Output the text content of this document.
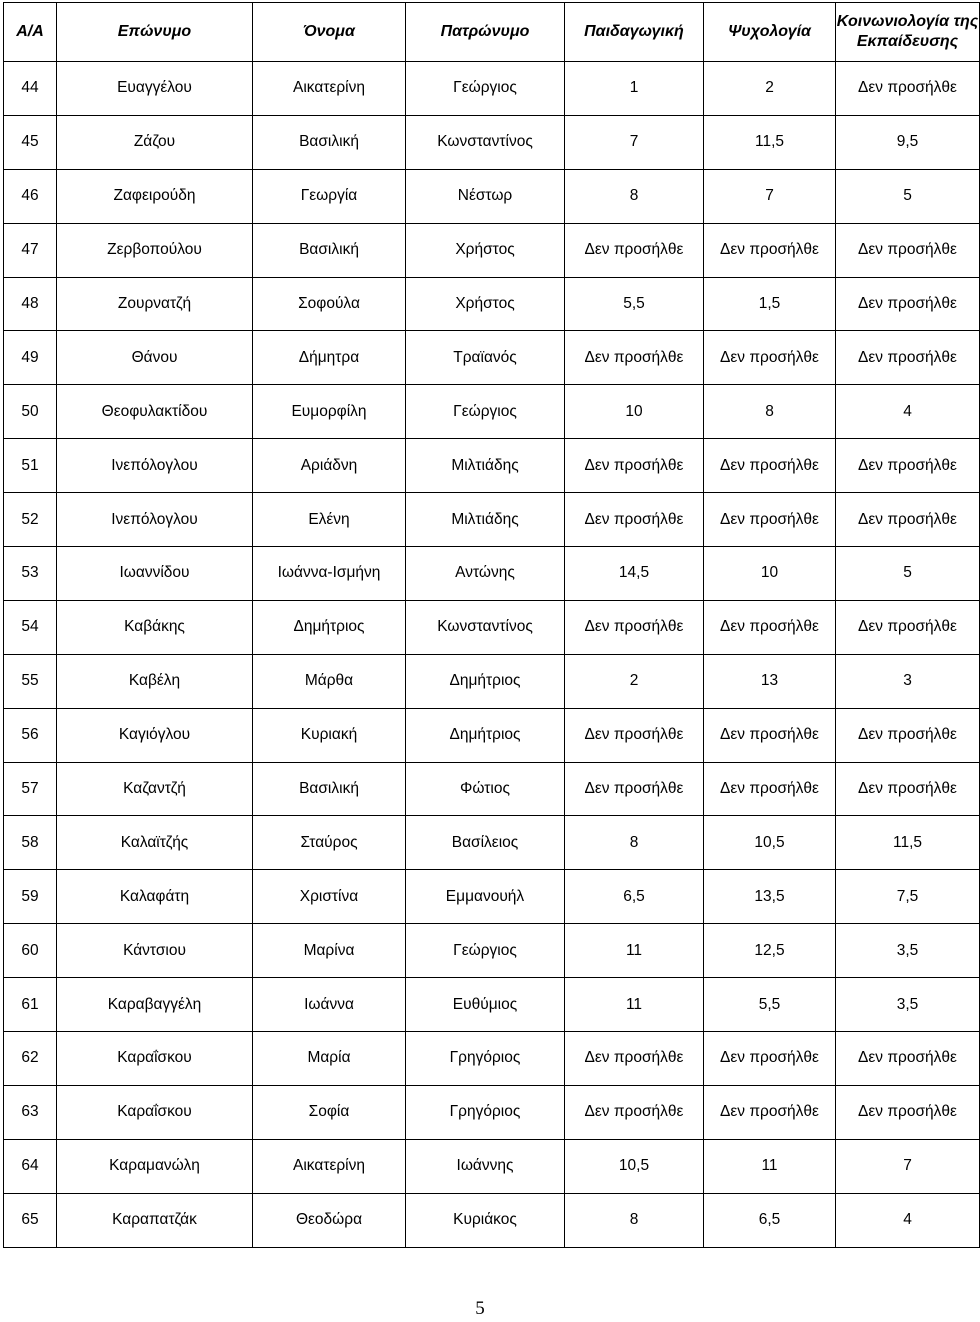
Α/Α	Επώνυμο	Όνομα	Πατρώνυμο	Παιδαγωγική	Ψυχολογία	Κοινωνιολογία της Εκπαίδευσης
44	Ευαγγέλου	Αικατερίνη	Γεώργιος	1	2	Δεν προσήλθε
45	Ζάζου	Βασιλική	Κωνσταντίνος	7	11,5	9,5
46	Ζαφειρούδη	Γεωργία	Νέστωρ	8	7	5
47	Ζερβοπούλου	Βασιλική	Χρήστος	Δεν προσήλθε	Δεν προσήλθε	Δεν προσήλθε
48	Ζουρνατζή	Σοφούλα	Χρήστος	5,5	1,5	Δεν προσήλθε
49	Θάνου	Δήμητρα	Τραϊανός	Δεν προσήλθε	Δεν προσήλθε	Δεν προσήλθε
50	Θεοφυλακτίδου	Ευμορφίλη	Γεώργιος	10	8	4
51	Ινεπόλογλου	Αριάδνη	Μιλτιάδης	Δεν προσήλθε	Δεν προσήλθε	Δεν προσήλθε
52	Ινεπόλογλου	Ελένη	Μιλτιάδης	Δεν προσήλθε	Δεν προσήλθε	Δεν προσήλθε
53	Ιωαννίδου	Ιωάννα-Ισμήνη	Αντώνης	14,5	10	5
54	Καβάκης	Δημήτριος	Κωνσταντίνος	Δεν προσήλθε	Δεν προσήλθε	Δεν προσήλθε
55	Καβέλη	Μάρθα	Δημήτριος	2	13	3
56	Καγιόγλου	Κυριακή	Δημήτριος	Δεν προσήλθε	Δεν προσήλθε	Δεν προσήλθε
57	Καζαντζή	Βασιλική	Φώτιος	Δεν προσήλθε	Δεν προσήλθε	Δεν προσήλθε
58	Καλαϊτζής	Σταύρος	Βασίλειος	8	10,5	11,5
59	Καλαφάτη	Χριστίνα	Εμμανουήλ	6,5	13,5	7,5
60	Κάντσιου	Μαρίνα	Γεώργιος	11	12,5	3,5
61	Καραβαγγέλη	Ιωάννα	Ευθύμιος	11	5,5	3,5
62	Καραΐσκου	Μαρία	Γρηγόριος	Δεν προσήλθε	Δεν προσήλθε	Δεν προσήλθε
63	Καραΐσκου	Σοφία	Γρηγόριος	Δεν προσήλθε	Δεν προσήλθε	Δεν προσήλθε
64	Καραμανώλη	Αικατερίνη	Ιωάννης	10,5	11	7
65	Καραπατζάκ	Θεοδώρα	Κυριάκος	8	6,5	4
5
